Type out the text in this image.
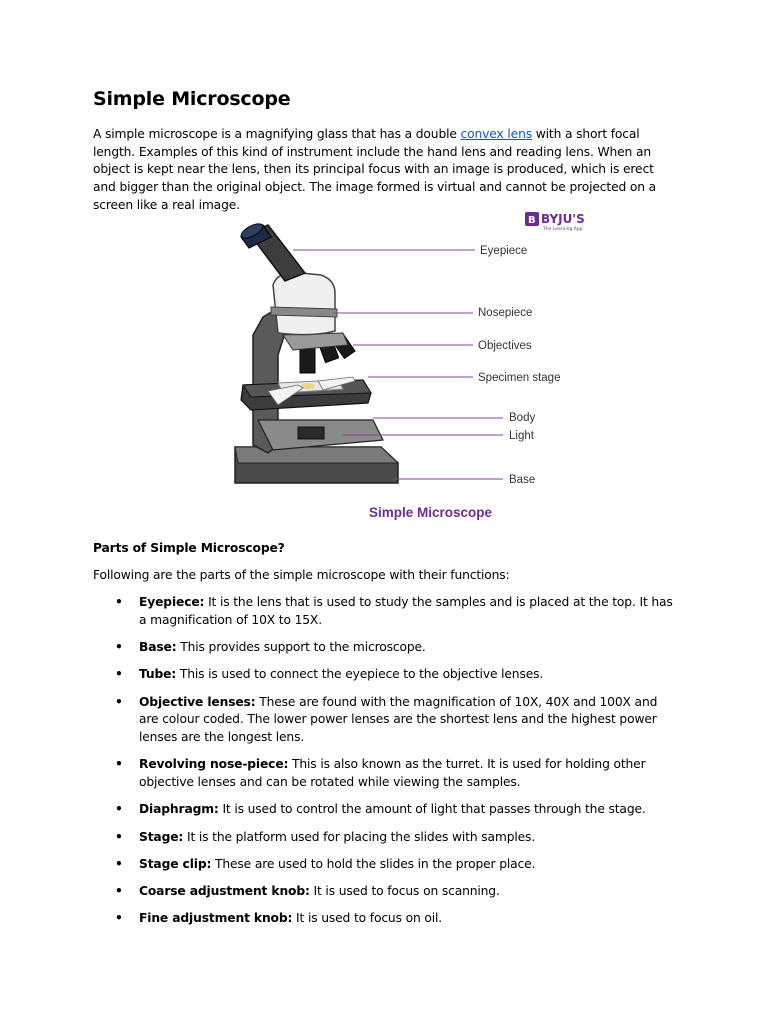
Simple Microscope

A simple microscope is a magnifying glass that has a double convex lens with a short focal length. Examples of this kind of instrument include the hand lens and reading lens. When an object is kept near the lens, then its principal focus with an image is produced, which is erect and bigger than the original object. The image formed is virtual and cannot be projected on a screen like a real image.

B BYJU'S
The Learning App
Eyepiece
Nosepiece
Objectives
Specimen stage
Body
Light
Base
Simple Microscope

Parts of Simple Microscope?

Following are the parts of the simple microscope with their functions:

• Eyepiece: It is the lens that is used to study the samples and is placed at the top. It has a magnification of 10X to 15X.
• Base: This provides support to the microscope.
• Tube: This is used to connect the eyepiece to the objective lenses.
• Objective lenses: These are found with the magnification of 10X, 40X and 100X and are colour coded. The lower power lenses are the shortest lens and the highest power lenses are the longest lens.
• Revolving nose-piece: This is also known as the turret. It is used for holding other objective lenses and can be rotated while viewing the samples.
• Diaphragm: It is used to control the amount of light that passes through the stage.
• Stage: It is the platform used for placing the slides with samples.
• Stage clip: These are used to hold the slides in the proper place.
• Coarse adjustment knob: It is used to focus on scanning.
• Fine adjustment knob: It is used to focus on oil.
